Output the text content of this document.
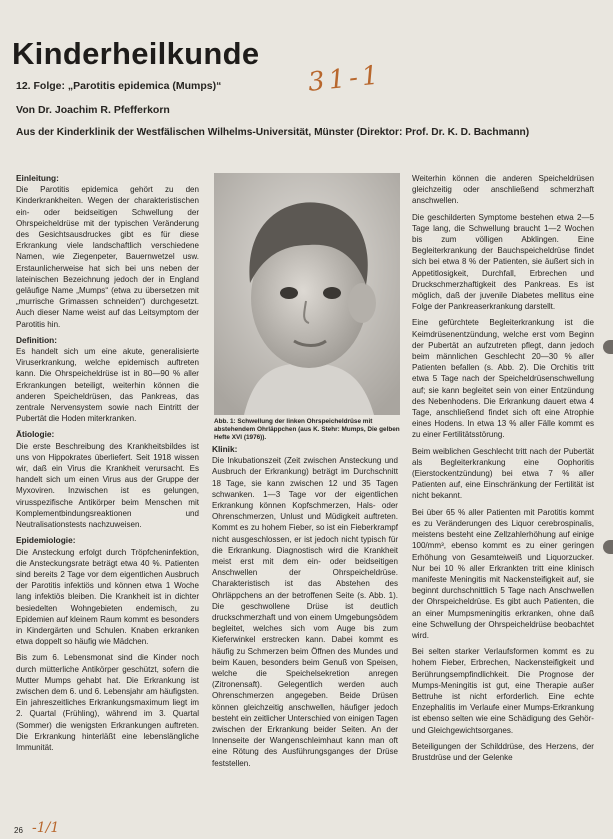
Kinderheilkunde
31-1

12. Folge: „Parotitis epidemica (Mumps)“

Von Dr. Joachim R. Pfefferkorn

Aus der Kinderklinik der Westfälischen Wilhelms-Universität, Münster (Direktor: Prof. Dr. K. D. Bachmann)

Einleitung:

Die Parotitis epidemica gehört zu den Kinderkrankheiten. Wegen der charakteristischen ein- oder beidseitigen Schwellung der Ohrspeicheldrüse mit der typischen Veränderung des Gesichtsausdruckes gibt es für diese Erkrankung viele landschaftlich verschiedene Namen, wie Ziegenpeter, Bauernwetzel usw. Erstaunlicherweise hat sich bei uns neben der lateinischen Bezeichnung jedoch der in England geläufige Name „Mumps“ (etwa zu übersetzen mit „murrische Grimassen schneiden“) durchgesetzt. Auch dieser Name weist auf das Leitsymptom der Parotitis hin.

Definition:

Es handelt sich um eine akute, generalisierte Viruserkrankung, welche epidemisch auftreten kann. Die Ohrspeicheldrüse ist in 80—90 % aller Erkrankungen beteiligt, weiterhin können die anderen Speicheldrüsen, das Pankreas, das zentrale Nervensystem sowie nach Eintritt der Pubertät die Hoden miterkranken.

Ätiologie:

Die erste Beschreibung des Krankheitsbildes ist uns von Hippokrates überliefert. Seit 1918 wissen wir, daß ein Virus die Krankheit verursacht. Es handelt sich um einen Virus aus der Gruppe der Myxoviren. Inzwischen ist es gelungen, virusspezifische Antikörper beim Menschen mit Komplementbindungsreaktionen und Neutralisationstests nachzuweisen.

Epidemiologie:

Die Ansteckung erfolgt durch Tröpfcheninfektion, die Ansteckungsrate beträgt etwa 40 %. Patienten sind bereits 2 Tage vor dem eigentlichen Ausbruch der Parotitis infektiös und können etwa 1 Woche lang infektiös bleiben. Die Krankheit ist in dichter besiedelten Wohngebieten endemisch, zu Epidemien auf kleinem Raum kommt es besonders in Kindergärten und Schulen. Knaben erkranken etwa doppelt so häufig wie Mädchen.

Bis zum 6. Lebensmonat sind die Kinder noch durch mütterliche Antikörper geschützt, sofern die Mutter Mumps gehabt hat. Die Erkrankung ist zwischen dem 6. und 6. Lebensjahr am häufigsten. Ein jahreszeitliches Erkrankungsmaximum liegt im 2. Quartal (Frühling), während im 3. Quartal (Sommer) die wenigsten Erkrankungen auftreten. Die Erkrankung hinterläßt eine lebenslängliche Immunität.

Abb. 1: Schwellung der linken Ohrspeicheldrüse mit abstehendem Ohrläppchen (aus K. Stehr: Mumps, Die gelben Hefte XVI (1976)).

Klinik:

Die Inkubationszeit (Zeit zwischen Ansteckung und Ausbruch der Erkrankung) beträgt im Durchschnitt 18 Tage, sie kann zwischen 12 und 35 Tagen schwanken. 1—3 Tage vor der eigentlichen Erkrankung können Kopfschmerzen, Hals- oder Ohrenschmerzen, Unlust und Müdigkeit auftreten. Kommt es zu hohem Fieber, so ist ein Fieberkrampf nicht ausgeschlossen, er ist jedoch nicht typisch für die Erkrankung. Diagnostisch wird die Krankheit meist erst mit dem ein- oder beidseitigen Anschwellen der Ohrspeicheldrüse. Charakteristisch ist das Abstehen des Ohrläppchens an der betroffenen Seite (s. Abb. 1). Die geschwollene Drüse ist deutlich druckschmerzhaft und von einem Umgebungsödem begleitet, welches sich vom Auge bis zum Kieferwinkel erstrecken kann. Dabei kommt es häufig zu Schmerzen beim Öffnen des Mundes und beim Kauen, besonders beim Genuß von Speisen, welche die Speichelsekretion anregen (Zitronensaft). Gelegentlich werden auch Ohrenschmerzen angegeben. Beide Drüsen können gleichzeitig anschwellen, häufiger jedoch besteht ein zeitlicher Unterschied von einigen Tagen zwischen der Erkrankung beider Seiten. An der Innenseite der Wangenschleimhaut kann man oft eine Rötung des Ausführungsganges der Drüse feststellen.

Weiterhin können die anderen Speicheldrüsen gleichzeitig oder anschließend schmerzhaft anschwellen.

Die geschilderten Symptome bestehen etwa 2—5 Tage lang, die Schwellung braucht 1—2 Wochen bis zum völligen Abklingen. Eine Begleiterkrankung der Bauchspeicheldrüse findet sich bei etwa 8 % der Patienten, sie äußert sich in Appetitlosigkeit, Durchfall, Erbrechen und Druckschmerzhaftigkeit des Pankreas. Es ist möglich, daß der juvenile Diabetes mellitus eine Folge der Pankreaserkrankung darstellt.

Eine gefürchtete Begleiterkrankung ist die Keimdrüsenentzündung, welche erst vom Beginn der Pubertät an aufzutreten pflegt, dann jedoch beim männlichen Geschlecht 20—30 % aller Patienten befallen (s. Abb. 2). Die Orchitis tritt etwa 5 Tage nach der Speicheldrüsenschwellung auf; sie kann begleitet sein von einer Entzündung des Nebenhodens. Die Erkrankung dauert etwa 4 Tage, anschließend findet sich oft eine Atrophie eines Hodens. In etwa 13 % aller Fälle kommt es zu einer Fertilitätsstörung.

Beim weiblichen Geschlecht tritt nach der Pubertät als Begleiterkrankung eine Oophoritis (Eierstockentzündung) bei etwa 7 % aller Patienten auf, eine Einschränkung der Fertilität ist nicht bekannt.

Bei über 65 % aller Patienten mit Parotitis kommt es zu Veränderungen des Liquor cerebrospinalis, meistens besteht eine Zellzahlerhöhung auf einige 100/mm³, ebenso kommt es zu einer geringen Erhöhung von Gesamteiweiß und Liquorzucker. Nur bei 10 % aller Erkrankten tritt eine klinisch manifeste Meningitis mit Nackensteifigkeit auf, sie beginnt durchschnittlich 5 Tage nach Anschwellen der Ohrspeicheldrüse. Es gibt auch Patienten, die an einer Mumpsmeningitis erkranken, ohne daß eine Schwellung der Ohrspeicheldrüse beobachtet wird.

Bei selten starker Verlaufsformen kommt es zu hohem Fieber, Erbrechen, Nackensteifigkeit und Berührungsempfindlichkeit. Die Prognose der Mumps-Meningitis ist gut, eine Therapie außer Bettruhe ist nicht erforderlich. Eine echte Enzephalitis im Verlaufe einer Mumps-Erkrankung ist ebenso selten wie eine Schädigung des Gehör- und Gleichgewichtsorganes.

Beteiligungen der Schilddrüse, des Herzens, der Brustdrüse und der Gelenke

26 -1/1
